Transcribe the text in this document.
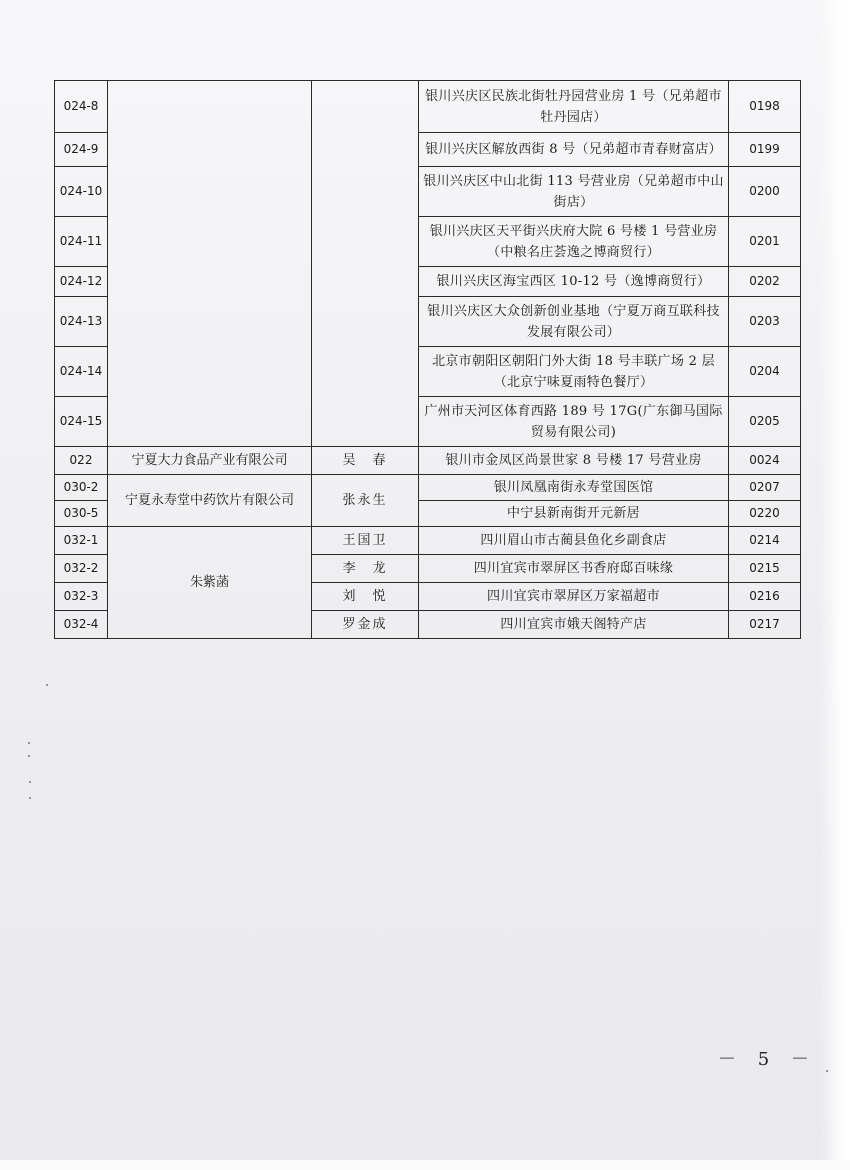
024-8			银川兴庆区民族北街牡丹园营业房 1 号（兄弟超市牡丹园店）	0198
024-9			银川兴庆区解放西街 8 号（兄弟超市青春财富店）	0199
024-10			银川兴庆区中山北街 113 号营业房（兄弟超市中山街店）	0200
024-11			银川兴庆区天平街兴庆府大院 6 号楼 1 号营业房（中粮名庄荟逸之博商贸行）	0201
024-12			银川兴庆区海宝西区 10-12 号（逸博商贸行）	0202
024-13			银川兴庆区大众创新创业基地（宁夏万商互联科技发展有限公司）	0203
024-14			北京市朝阳区朝阳门外大街 18 号丰联广场 2 层（北京宁味夏雨特色餐厅）	0204
024-15			广州市天河区体育西路 189 号 17G(广东御马国际贸易有限公司)	0205
022	宁夏大力食品产业有限公司	吴　春	银川市金凤区尚景世家 8 号楼 17 号营业房	0024
030-2	宁夏永寿堂中药饮片有限公司	张永生	银川凤凰南街永寿堂国医馆	0207
030-5			中宁县新南街开元新居	0220
032-1	朱紫菡	王国卫	四川眉山市古蔺县鱼化乡副食店	0214
032-2		李　龙	四川宜宾市翠屏区书香府邸百味缘	0215
032-3		刘　悦	四川宜宾市翠屏区万家福超市	0216
032-4		罗金成	四川宜宾市娥天阁特产店	0217
－ 5 －
